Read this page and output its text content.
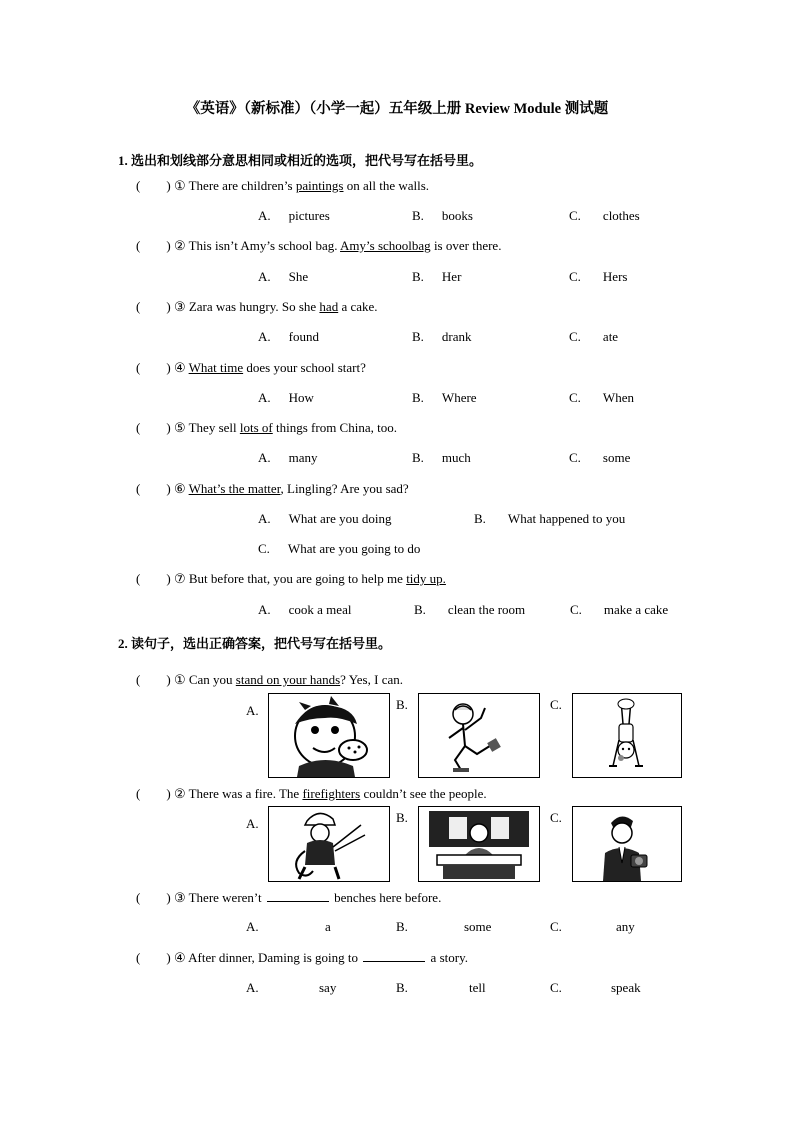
《英语》（新标准）（小学一起）五年级上册 Review Module 测试题
1. 选出和划线部分意思相同或相近的选项，把代号写在括号里。
( ) ① There are children’s paintings on all the walls.
A. pictures	B. books	C. clothes
( ) ② This isn’t Amy’s school bag. Amy’s schoolbag is over there.
A. She	B. Her	C. Hers
( ) ③ Zara was hungry. So she had a cake.
A. found	B. drank	C. ate
( ) ④ What time does your school start?
A. How	B. Where	C. When
( ) ⑤ They sell lots of things from China, too.
A. many	B. much	C. some
( ) ⑥ What’s the matter, Lingling? Are you sad?
A. What are you doing	B. What happened to you
C. What are you going to do
( ) ⑦ But before that, you are going to help me tidy up.
A. cook a meal	B. clean the room	C. make a cake
2. 读句子，选出正确答案，把代号写在括号里。
( ) ① Can you stand on your hands? Yes, I can.
A.	B.	C.
( ) ② There was a fire. The firefighters couldn’t see the people.
A.	B.	C.
( ) ③ There weren’t	benches here before.
A.	a	B.	some	C.	any
( ) ④ After dinner, Daming is going to	a story.
A.	say	B.	tell	C.	speak
